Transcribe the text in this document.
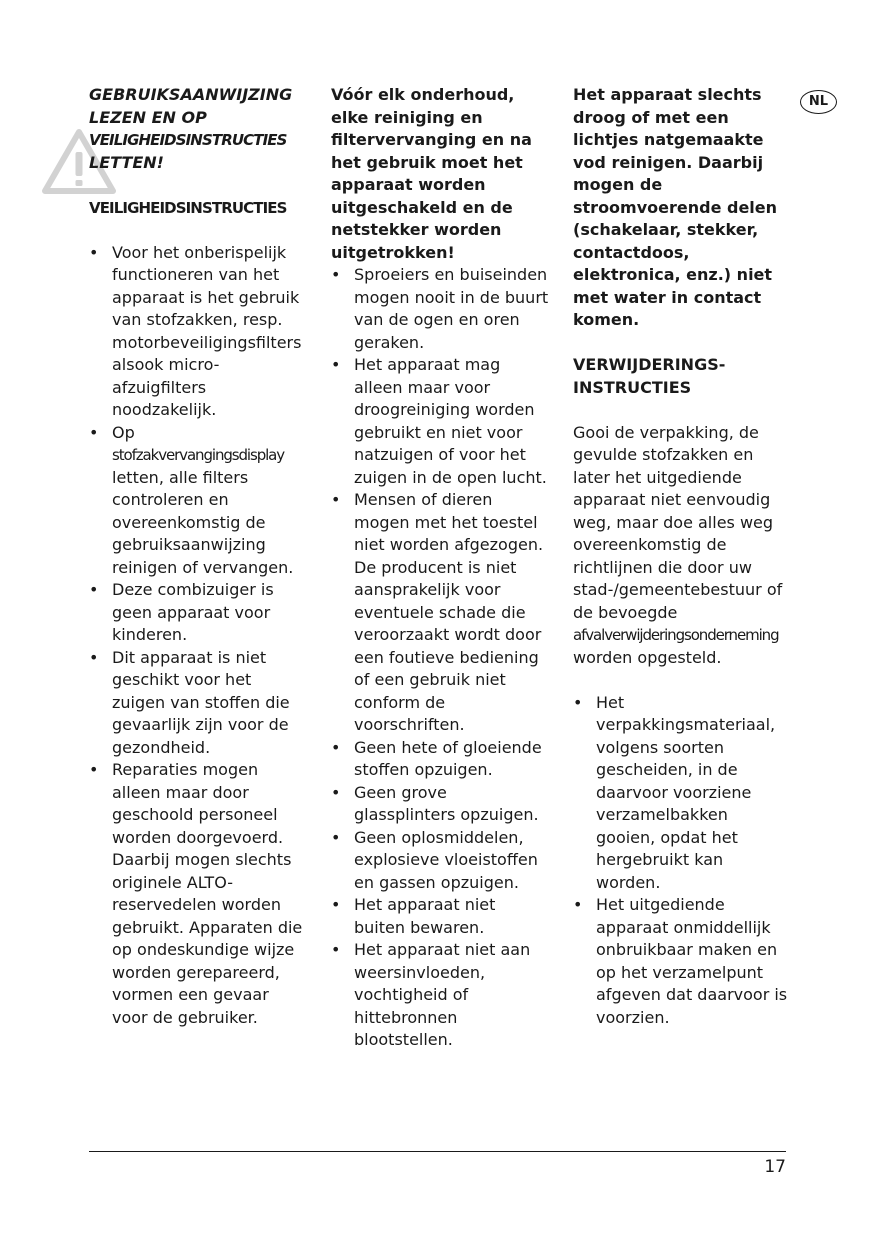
NL
GEBRUIKSAANWIJZING
LEZEN EN OP
VEILIGHEIDSINSTRUCTIES
LETTEN!

VEILIGHEIDSINSTRUCTIES

• Voor het onberispelijk functioneren van het apparaat is het gebruik van stofzakken, resp. motorbeveiligingsfilters alsook micro-afzuigfilters noodzakelijk.
• Op
stofzakvervangingsdisplay
letten, alle filters controleren en overeenkomstig de gebruiksaanwijzing reinigen of vervangen.
• Deze combizuiger is geen apparaat voor kinderen.
• Dit apparaat is niet geschikt voor het zuigen van stoffen die gevaarlijk zijn voor de gezondheid.
• Reparaties mogen alleen maar door geschoold personeel worden doorgevoerd. Daarbij mogen slechts originele ALTO-reservedelen worden gebruikt. Apparaten die op ondeskundige wijze worden gerepareerd, vormen een gevaar voor de gebruiker.

Vóór elk onderhoud, elke reiniging en filtervervanging en na het gebruik moet het apparaat worden uitgeschakeld en de netstekker worden uitgetrokken!

• Sproeiers en buiseinden mogen nooit in de buurt van de ogen en oren geraken.
• Het apparaat mag alleen maar voor droogreiniging worden gebruikt en niet voor natzuigen of voor het zuigen in de open lucht.
• Mensen of dieren mogen met het toestel niet worden afgezogen. De producent is niet aansprakelijk voor eventuele schade die veroorzaakt wordt door een foutieve bediening of een gebruik niet conform de voorschriften.
• Geen hete of gloeiende stoffen opzuigen.
• Geen grove glassplinters opzuigen.
• Geen oplosmiddelen, explosieve vloeistoffen en gassen opzuigen.
• Het apparaat niet buiten bewaren.
• Het apparaat niet aan weersinvloeden, vochtigheid of hittebronnen blootstellen.

Het apparaat slechts droog of met een lichtjes natgemaakte vod reinigen. Daarbij mogen de stroomvoerende delen (schakelaar, stekker, contactdoos, elektronica, enz.) niet met water in contact komen.

VERWIJDERINGS-
INSTRUCTIES

Gooi de verpakking, de gevulde stofzakken en later het uitgediende apparaat niet eenvoudig weg, maar doe alles weg overeenkomstig de richtlijnen die door uw stad-/gemeentebestuur of de bevoegde
afvalverwijderingsonderneming
worden opgesteld.

• Het verpakkingsmateriaal, volgens soorten gescheiden, in de daarvoor voorziene verzamelbakken gooien, opdat het hergebruikt kan worden.
• Het uitgediende apparaat onmiddellijk onbruikbaar maken en op het verzamelpunt afgeven dat daarvoor is voorzien.
17
